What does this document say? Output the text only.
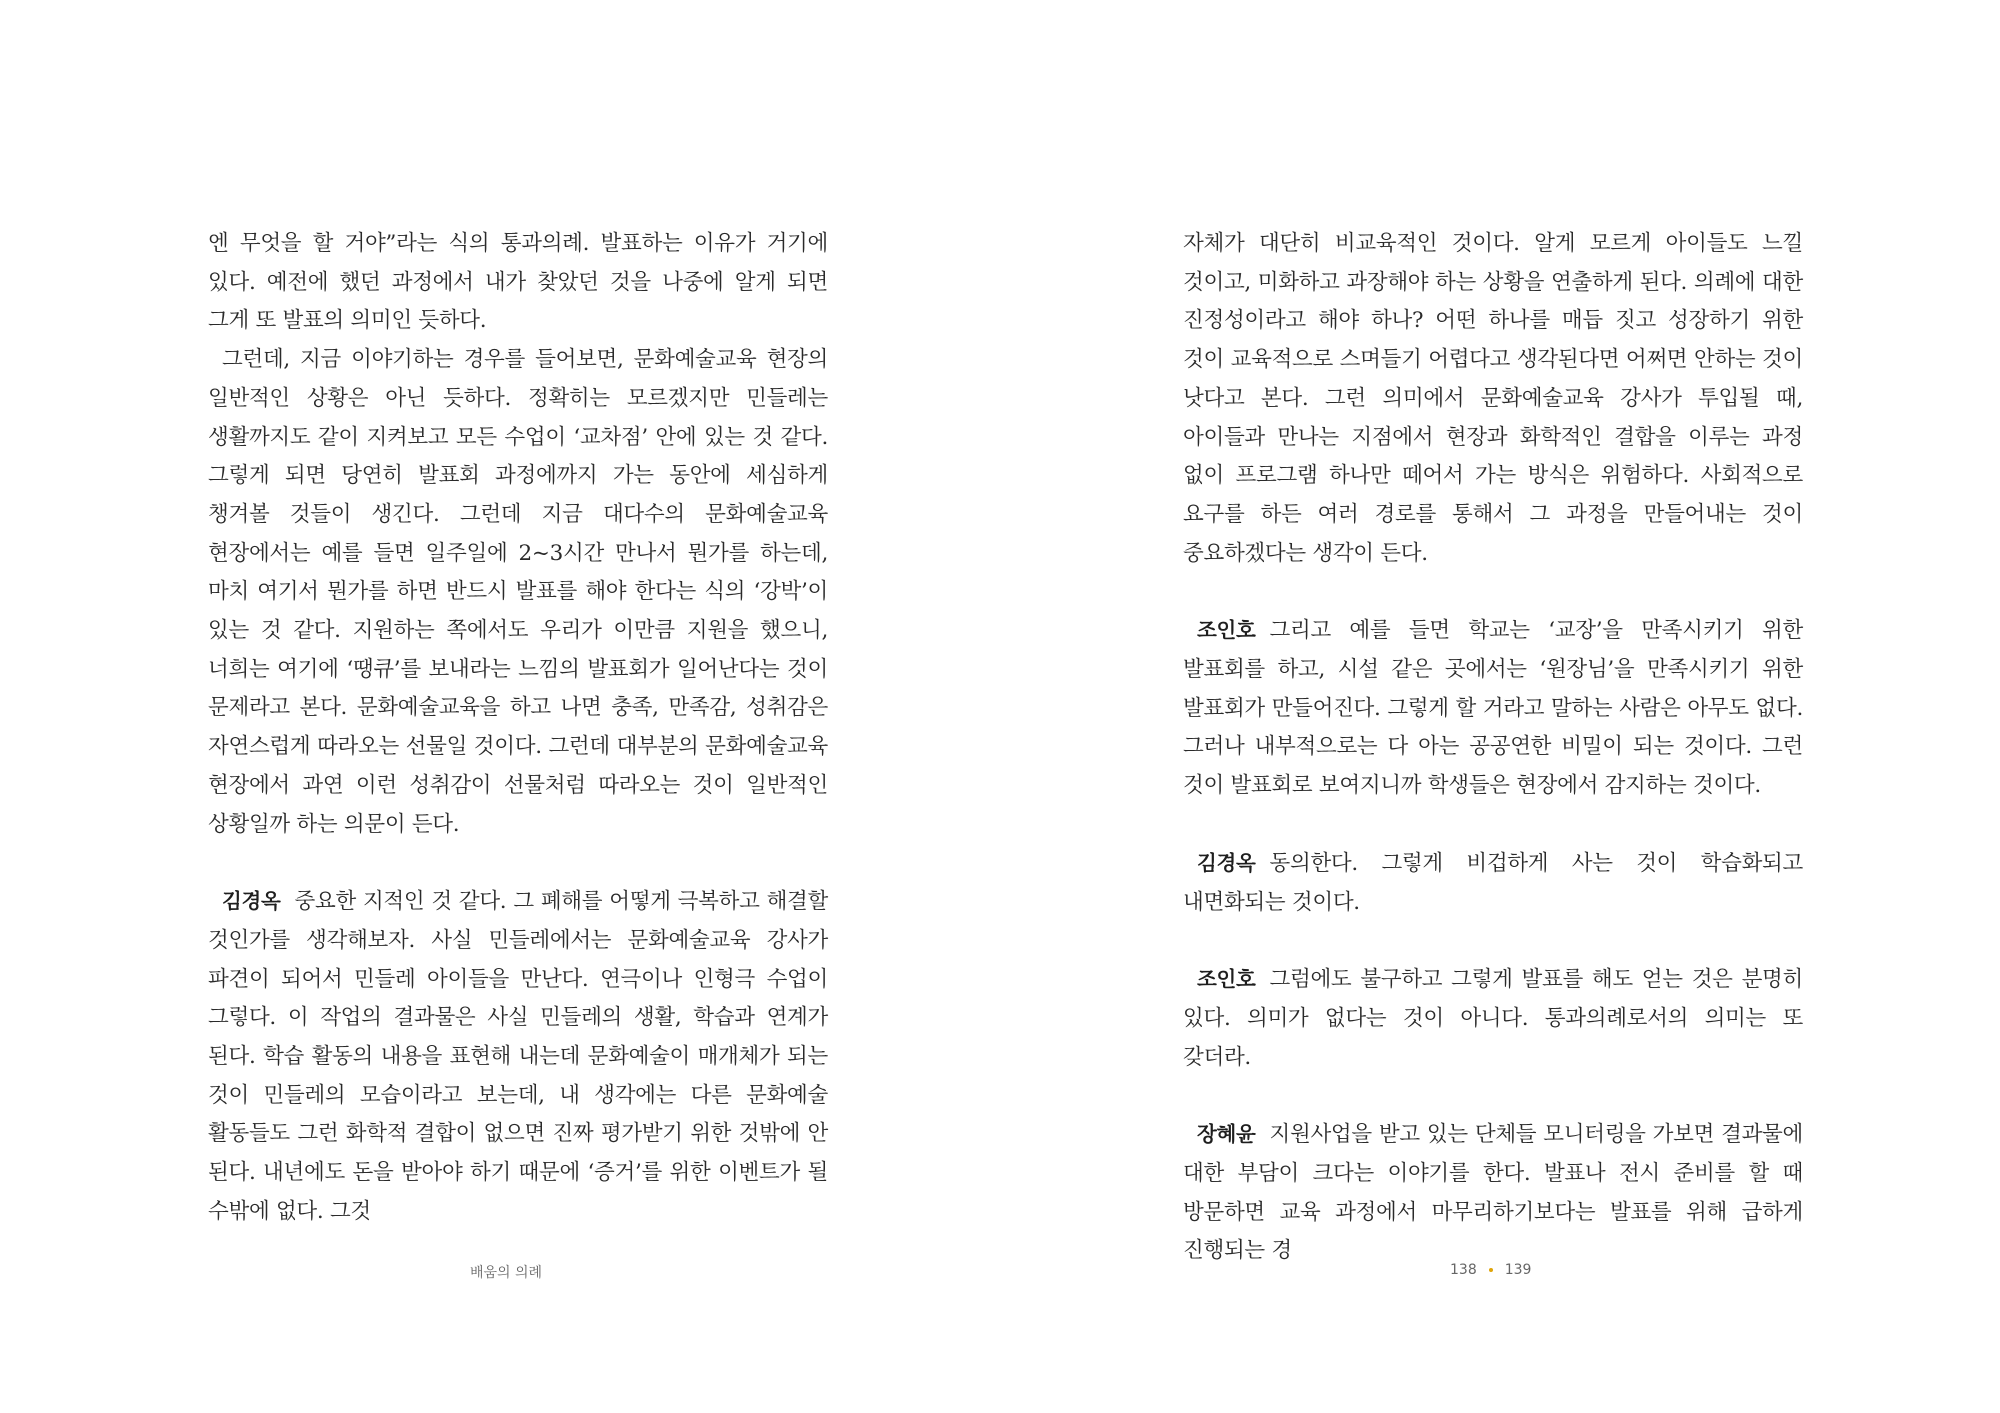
엔 무엇을 할 거야”라는 식의 통과의례. 발표하는 이유가 거기에 있다. 예전에 했던 과정에서 내가 찾았던 것을 나중에 알게 되면 그게 또 발표의 의미인 듯하다.

그런데, 지금 이야기하는 경우를 들어보면, 문화예술교육 현장의 일반적인 상황은 아닌 듯하다. 정확히는 모르겠지만 민들레는 생활까지도 같이 지켜보고 모든 수업이 ‘교차점’ 안에 있는 것 같다. 그렇게 되면 당연히 발표회 과정에까지 가는 동안에 세심하게 챙겨볼 것들이 생긴다. 그런데 지금 대다수의 문화예술교육 현장에서는 예를 들면 일주일에 2~3시간 만나서 뭔가를 하는데, 마치 여기서 뭔가를 하면 반드시 발표를 해야 한다는 식의 ‘강박’이 있는 것 같다. 지원하는 쪽에서도 우리가 이만큼 지원을 했으니, 너희는 여기에 ‘땡큐’를 보내라는 느낌의 발표회가 일어난다는 것이 문제라고 본다. 문화예술교육을 하고 나면 충족, 만족감, 성취감은 자연스럽게 따라오는 선물일 것이다. 그런데 대부분의 문화예술교육 현장에서 과연 이런 성취감이 선물처럼 따라오는 것이 일반적인 상황일까 하는 의문이 든다.

김경옥 중요한 지적인 것 같다. 그 폐해를 어떻게 극복하고 해결할 것인가를 생각해보자. 사실 민들레에서는 문화예술교육 강사가 파견이 되어서 민들레 아이들을 만난다. 연극이나 인형극 수업이 그렇다. 이 작업의 결과물은 사실 민들레의 생활, 학습과 연계가 된다. 학습 활동의 내용을 표현해 내는데 문화예술이 매개체가 되는 것이 민들레의 모습이라고 보는데, 내 생각에는 다른 문화예술 활동들도 그런 화학적 결합이 없으면 진짜 평가받기 위한 것밖에 안 된다. 내년에도 돈을 받아야 하기 때문에 ‘증거’를 위한 이벤트가 될 수밖에 없다. 그것

배움의 의례

자체가 대단히 비교육적인 것이다. 알게 모르게 아이들도 느낄 것이고, 미화하고 과장해야 하는 상황을 연출하게 된다. 의례에 대한 진정성이라고 해야 하나? 어떤 하나를 매듭 짓고 성장하기 위한 것이 교육적으로 스며들기 어렵다고 생각된다면 어쩌면 안하는 것이 낫다고 본다. 그런 의미에서 문화예술교육 강사가 투입될 때, 아이들과 만나는 지점에서 현장과 화학적인 결합을 이루는 과정 없이 프로그램 하나만 떼어서 가는 방식은 위험하다. 사회적으로 요구를 하든 여러 경로를 통해서 그 과정을 만들어내는 것이 중요하겠다는 생각이 든다.

조인호 그리고 예를 들면 학교는 ‘교장’을 만족시키기 위한 발표회를 하고, 시설 같은 곳에서는 ‘원장님’을 만족시키기 위한 발표회가 만들어진다. 그렇게 할 거라고 말하는 사람은 아무도 없다. 그러나 내부적으로는 다 아는 공공연한 비밀이 되는 것이다. 그런 것이 발표회로 보여지니까 학생들은 현장에서 감지하는 것이다.

김경옥 동의한다. 그렇게 비겁하게 사는 것이 학습화되고 내면화되는 것이다.

조인호 그럼에도 불구하고 그렇게 발표를 해도 얻는 것은 분명히 있다. 의미가 없다는 것이 아니다. 통과의례로서의 의미는 또 갖더라.

장혜윤 지원사업을 받고 있는 단체들 모니터링을 가보면 결과물에 대한 부담이 크다는 이야기를 한다. 발표나 전시 준비를 할 때 방문하면 교육 과정에서 마무리하기보다는 발표를 위해 급하게 진행되는 경

138 139
